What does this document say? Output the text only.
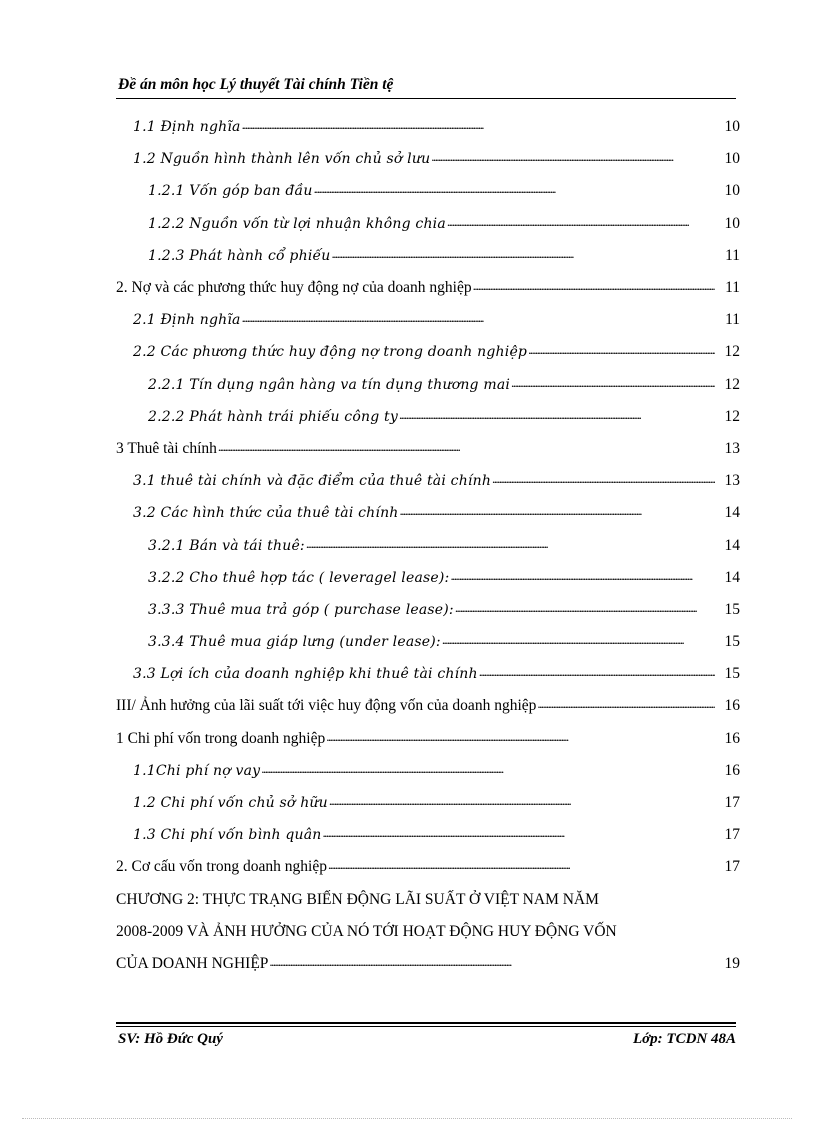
Đề án môn học Lý thuyết Tài chính Tiền tệ
1.1 Định nghĩa . . .	10
1.2 Nguồn hình thành lên vốn chủ sở lưu . . .	10
1.2.1 Vốn góp ban đầu . . .	10
1.2.2 Nguồn vốn từ lợi nhuận không chia . . .	10
1.2.3 Phát hành cổ phiếu . . .	11
2. Nợ và các phương thức huy động nợ của doanh nghiệp . . .	11
2.1 Định nghĩa . . .	11
2.2 Các phương thức huy động nợ trong doanh nghiệp . . .	12
2.2.1 Tín dụng ngân hàng va tín dụng thương mai . . .	12
2.2.2 Phát hành trái phiếu công ty . . .	12
3 Thuê tài chính . . .	13
3.1 thuê tài chính và đặc điểm của thuê tài chính . . .	13
3.2 Các hình thức của thuê tài chính . . .	14
3.2.1 Bán và tái thuê: . . .	14
3.2.2 Cho thuê hợp tác ( leveragel lease): . . .	14
3.3.3 Thuê mua trả góp ( purchase lease): . . .	15
3.3.4 Thuê mua giáp lưng (under lease): . . .	15
3.3 Lợi ích của doanh nghiệp khi thuê tài chính . . .	15
III/ Ảnh hưởng của lãi suất tới việc huy động vốn của doanh nghiệp . . .	16
1 Chi phí vốn trong doanh nghiệp . . .	16
1.1Chi phí nợ vay . . .	16
1.2 Chi phí vốn chủ sở hữu . . .	17
1.3 Chi phí vốn bình quân . . .	17
2. Cơ cấu vốn trong doanh nghiệp . . .	17
CHƯƠNG 2: THỰC TRẠNG BIẾN ĐỘNG LÃI SUẤT Ở VIỆT NAM NĂM
2008-2009 VÀ ẢNH HƯỞNG CỦA NÓ TỚI HOẠT ĐỘNG HUY ĐỘNG VỐN
CỦA DOANH NGHIỆP . . .	19
SV: Hồ Đức Quý	Lớp: TCDN 48A
